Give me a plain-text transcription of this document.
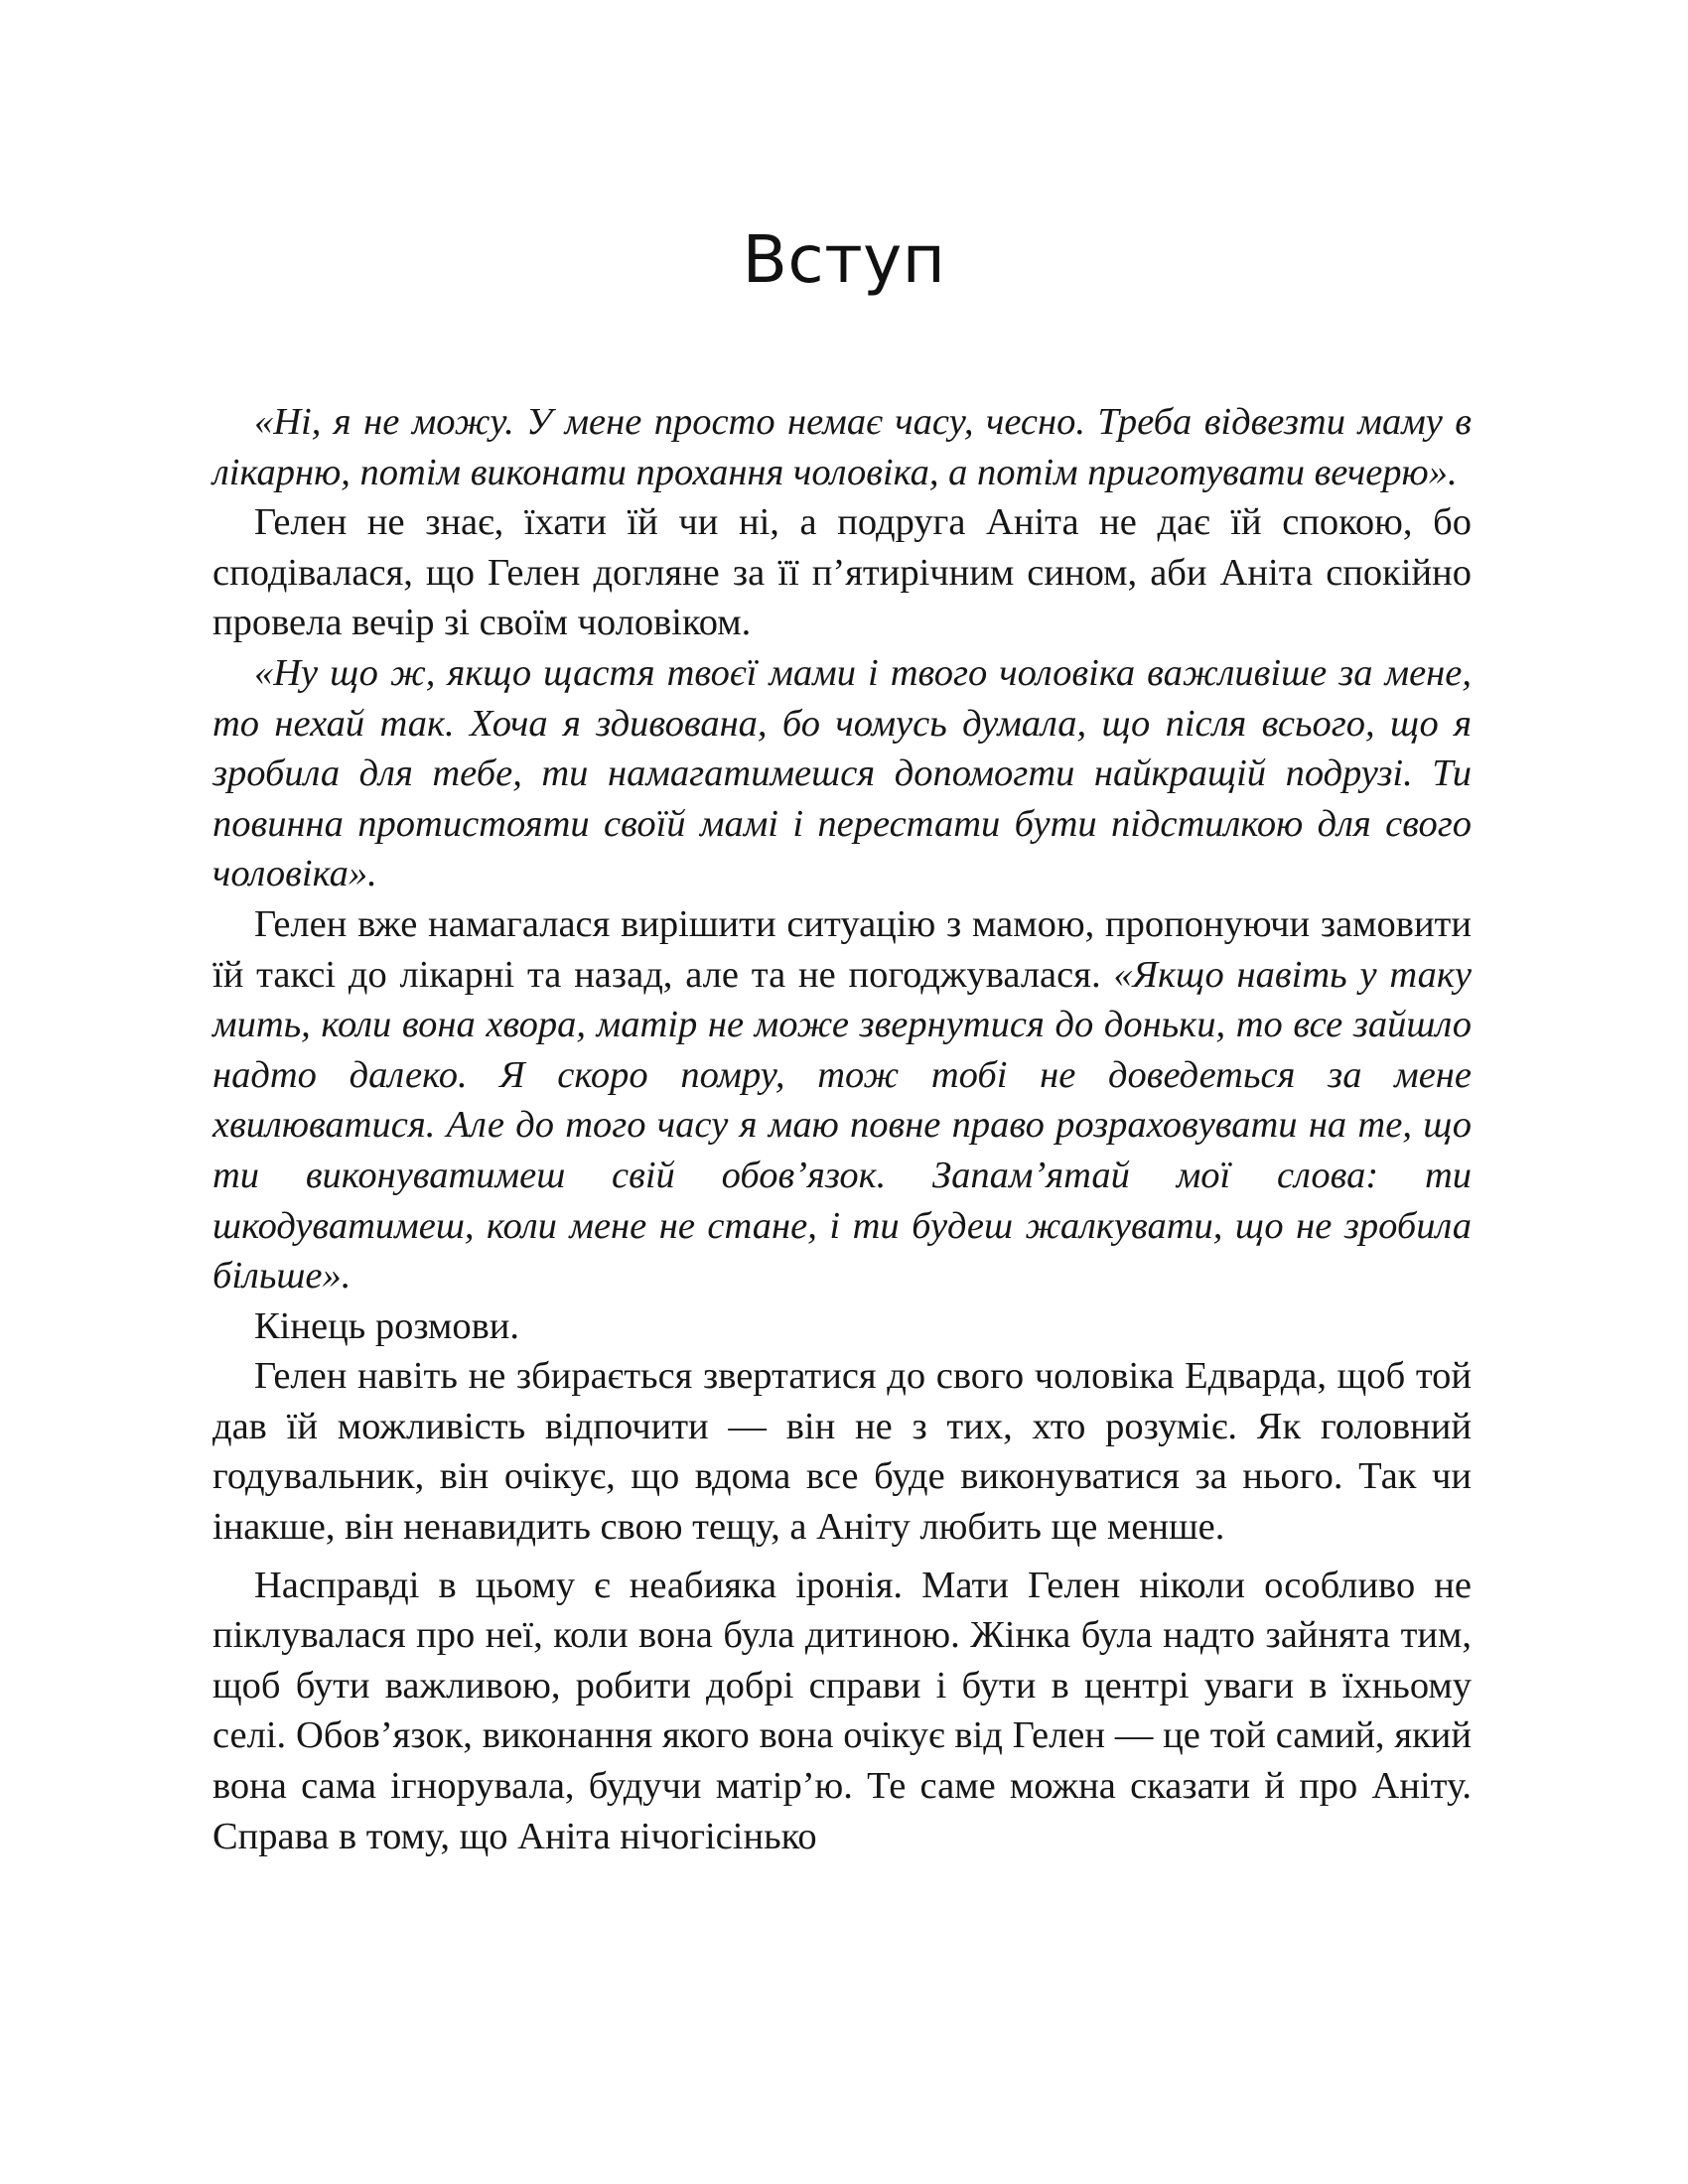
Вступ

«Ні, я не можу. У мене просто немає часу, чесно. Треба відвезти маму в лікарню, потім виконати прохання чоловіка, а потім приготувати вечерю».

Гелен не знає, їхати їй чи ні, а подруга Аніта не дає їй спокою, бо сподівалася, що Гелен догляне за її п’ятирічним сином, аби Аніта спокійно провела вечір зі своїм чоловіком.

«Ну що ж, якщо щастя твоєї мами і твого чоловіка важливіше за мене, то нехай так. Хоча я здивована, бо чомусь думала, що після всього, що я зробила для тебе, ти намагатимешся допомогти найкращій подрузі. Ти повинна протистояти своїй мамі і перестати бути підстилкою для свого чоловіка».

Гелен вже намагалася вирішити ситуацію з мамою, пропонуючи замовити їй таксі до лікарні та назад, але та не погоджувалася. «Якщо навіть у таку мить, коли вона хвора, матір не може звернутися до доньки, то все зайшло надто далеко. Я скоро помру, тож тобі не доведеться за мене хвилюватися. Але до того часу я маю повне право розраховувати на те, що ти виконуватимеш свій обов’язок. Запам’ятай мої слова: ти шкодуватимеш, коли мене не стане, і ти будеш жалкувати, що не зробила більше».

Кінець розмови.

Гелен навіть не збирається звертатися до свого чоловіка Едварда, щоб той дав їй можливість відпочити — він не з тих, хто розуміє. Як головний годувальник, він очікує, що вдома все буде виконуватися за нього. Так чи інакше, він ненавидить свою тещу, а Аніту любить ще менше.

Насправді в цьому є неабияка іронія. Мати Гелен ніколи особливо не піклувалася про неї, коли вона була дитиною. Жінка була надто зайнята тим, щоб бути важливою, робити добрі справи і бути в центрі уваги в їхньому селі. Обов’язок, виконання якого вона очікує від Гелен — це той самий, який вона сама ігнорувала, будучи матір’ю. Те саме можна сказати й про Аніту. Справа в тому, що Аніта нічогісінько
